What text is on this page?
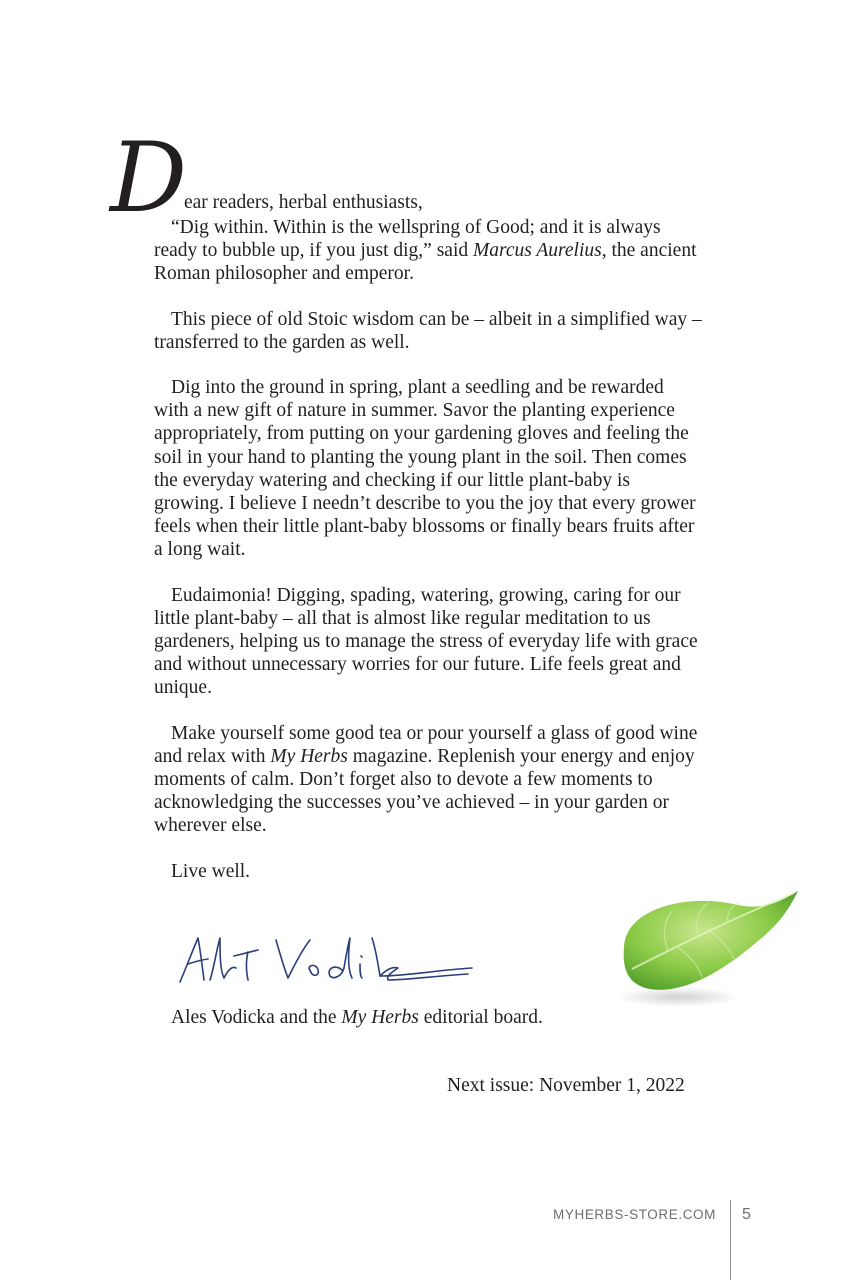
D ear readers, herbal enthusiasts,

“Dig within. Within is the wellspring of Good; and it is always ready to bubble up, if you just dig,” said Marcus Aurelius, the ancient Roman philosopher and emperor.

This piece of old Stoic wisdom can be – albeit in a simplified way – transferred to the garden as well.

Dig into the ground in spring, plant a seedling and be rewarded with a new gift of nature in summer. Savor the planting experience appropriately, from putting on your gardening gloves and feeling the soil in your hand to planting the young plant in the soil. Then comes the everyday watering and checking if our little plant-baby is growing. I believe I needn’t describe to you the joy that every grower feels when their little plant-baby blossoms or finally bears fruits after a long wait.

Eudaimonia! Digging, spading, watering, growing, caring for our little plant-baby – all that is almost like regular meditation to us gardeners, helping us to manage the stress of everyday life with grace and without unnecessary worries for our future. Life feels great and unique.

Make yourself some good tea or pour yourself a glass of good wine and relax with My Herbs magazine. Replenish your energy and enjoy moments of calm. Don’t forget also to devote a few moments to acknowledging the successes you’ve achieved – in your garden or wherever else.

Live well.

Ales Vodicka and the My Herbs editorial board.
Next issue: November 1, 2022
MYHERBS-STORE.COM 5
